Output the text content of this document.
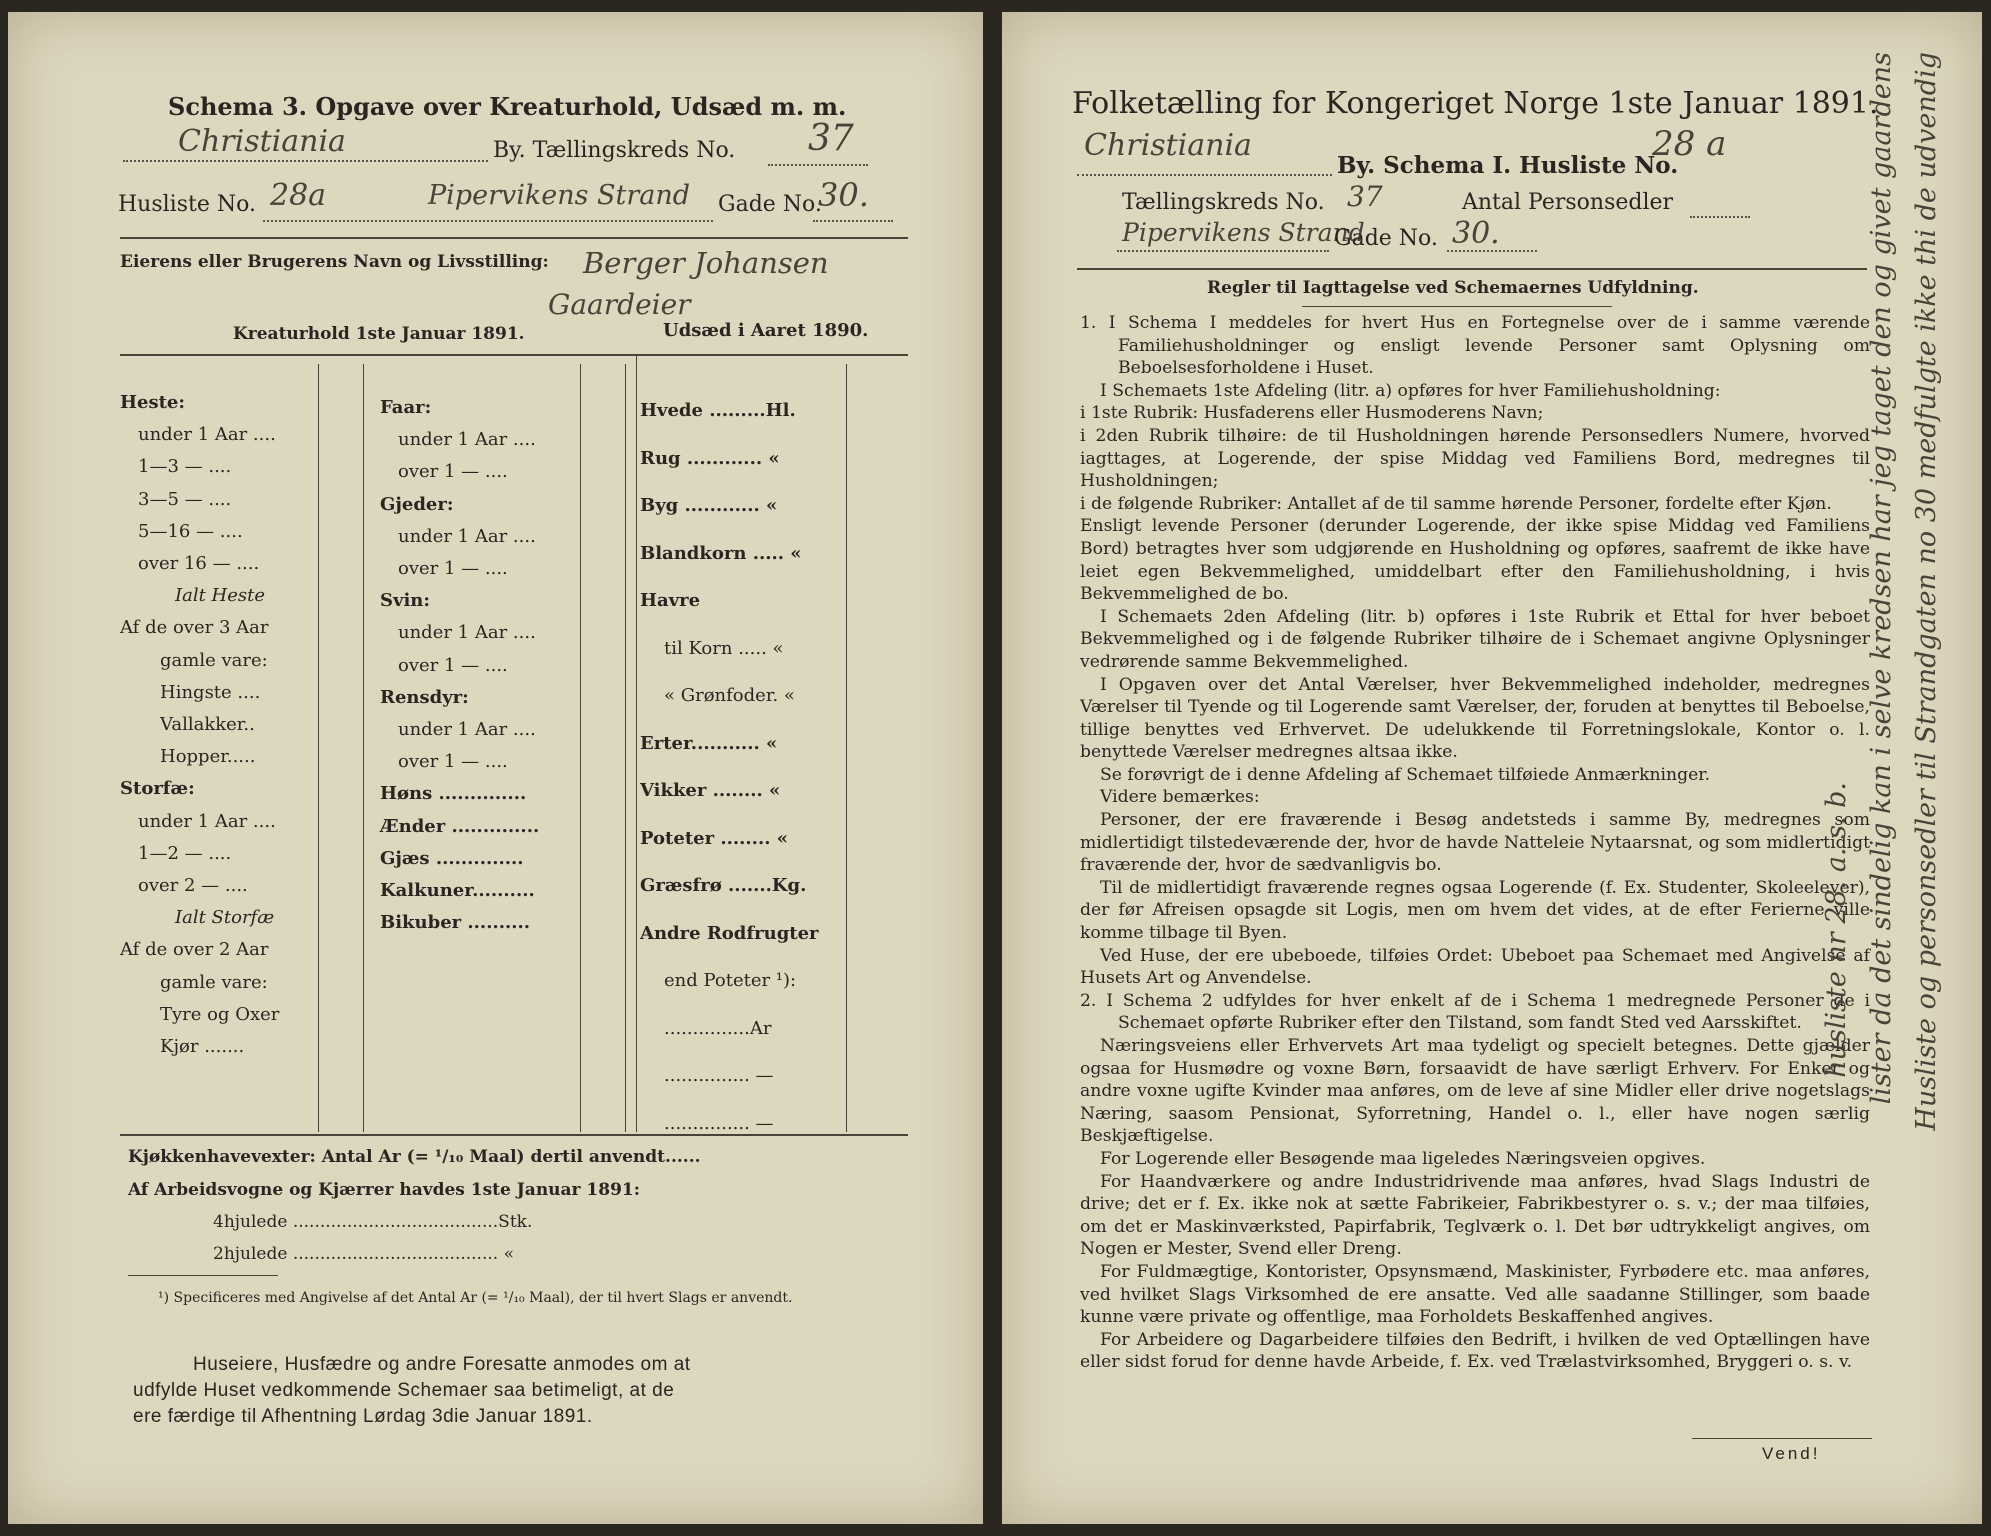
Schema 3. Opgave over Kreaturhold, Udsæd m. m.
Christiania	By. Tællingskreds No. 37
Husliste No. 28a	Pipervikens Strand Gade No.
30.
Eierens eller Brugerens Navn og Livsstilling: Berger Johansen
Gaardeier
Kreaturhold 1ste Januar 1891.	Udsæd i Aaret 1890.
Heste:
under 1 Aar ....
1—3 — ....
3—5 — ....
5—16 — ....
over 16 — ....
Ialt Heste
Af de over 3 Aar
gamle vare:
Hingste ....
Vallakker..
Hopper.....
Storfæ:
under 1 Aar ....
1—2 — ....
over 2 — ....
Ialt Storfæ
Af de over 2 Aar
gamle vare:
Tyre og Oxer
Kjør .......
Faar:
under 1 Aar ....
over 1 — ....
Gjeder:
under 1 Aar ....
over 1 — ....
Svin:
under 1 Aar ....
over 1 — ....
Rensdyr:
under 1 Aar ....
over 1 — ....
Høns ..............
Ænder ..............
Gjæs ..............
Kalkuner..........
Bikuber ..........
Hvede .........Hl.
Rug ............ «
Byg ............ «
Blandkorn ..... «
Havre
til Korn ..... «
« Grønfoder. «
Erter........... «
Vikker ........ «
Poteter ........ «
Græsfrø .......Kg.
Andre Rodfrugter
end Poteter ¹):
...............Ar
............... —
............... —
Kjøkkenhavevexter: Antal Ar (= ¹/₁₀ Maal) dertil anvendt......
Af Arbeidsvogne og Kjærrer havdes 1ste Januar 1891:
4hjulede ......................................Stk.
2hjulede ...................................... «
¹) Specificeres med Angivelse af det Antal Ar (= ¹/₁₀ Maal), der til hvert Slags er anvendt.
Huseiere, Husfædre og andre Foresatte anmodes om at
udfylde Huset vedkommende Schemaer saa betimeligt, at de
ere færdige til Afhentning Lørdag 3die Januar 1891.
Folketælling for Kongeriget Norge 1ste Januar 1891.
Christiania
By. Schema I. Husliste No.
28 a
Tællingskreds No. 37	Antal Personsedler
Pipervikens Strand
Gade No. 30.
Regler til Iagttagelse ved Schemaernes Udfyldning.

1. I Schema I meddeles for hvert Hus en Fortegnelse over de i samme værende Familiehusholdninger og ensligt levende Personer samt Oplysning om Beboelsesforholdene i Huset.

I Schemaets 1ste Afdeling (litr. a) opføres for hver Familiehusholdning:

i 1ste Rubrik: Husfaderens eller Husmoderens Navn;

i 2den Rubrik tilhøire: de til Husholdningen hørende Personsedlers Numere, hvorved iagttages, at Logerende, der spise Middag ved Familiens Bord, medregnes til Husholdningen;

i de følgende Rubriker: Antallet af de til samme hørende Personer, fordelte efter Kjøn.

Ensligt levende Personer (derunder Logerende, der ikke spise Middag ved Familiens Bord) betragtes hver som udgjørende en Husholdning og opføres, saafremt de ikke have leiet egen Bekvemmelighed, umiddelbart efter den Familiehusholdning, i hvis Bekvemmelighed de bo.

I Schemaets 2den Afdeling (litr. b) opføres i 1ste Rubrik et Ettal for hver beboet Bekvemmelighed og i de følgende Rubriker tilhøire de i Schemaet angivne Oplysninger vedrørende samme Bekvemmelighed.

I Opgaven over det Antal Værelser, hver Bekvemmelighed indeholder, medregnes Værelser til Tyende og til Logerende samt Værelser, der, foruden at benyttes til Beboelse, tillige benyttes ved Erhvervet. De udelukkende til Forretningslokale, Kontor o. l. benyttede Værelser medregnes altsaa ikke.

Se forøvrigt de i denne Afdeling af Schemaet tilføiede Anmærkninger.

Videre bemærkes:

Personer, der ere fraværende i Besøg andetsteds i samme By, medregnes som midlertidigt tilstedeværende der, hvor de havde Natteleie Nytaarsnat, og som midlertidigt fraværende der, hvor de sædvanligvis bo.

Til de midlertidigt fraværende regnes ogsaa Logerende (f. Ex. Studenter, Skoleelever), der før Afreisen opsagde sit Logis, men om hvem det vides, at de efter Ferierne ville komme tilbage til Byen.

Ved Huse, der ere ubeboede, tilføies Ordet: Ubeboet paa Schemaet med Angivelse af Husets Art og Anvendelse.

2. I Schema 2 udfyldes for hver enkelt af de i Schema 1 medregnede Personer de i Schemaet opførte Rubriker efter den Tilstand, som fandt Sted ved Aarsskiftet.

Næringsveiens eller Erhvervets Art maa tydeligt og specielt betegnes. Dette gjælder ogsaa for Husmødre og voxne Børn, forsaavidt de have særligt Erhverv. For Enker og andre voxne ugifte Kvinder maa anføres, om de leve af sine Midler eller drive nogetslags Næring, saasom Pensionat, Syforretning, Handel o. l., eller have nogen særlig Beskjæftigelse.

For Logerende eller Besøgende maa ligeledes Næringsveien opgives.

For Haandværkere og andre Industridrivende maa anføres, hvad Slags Industri de drive; det er f. Ex. ikke nok at sætte Fabrikeier, Fabrikbestyrer o. s. v.; der maa tilføies, om det er Maskinværksted, Papirfabrik, Teglværk o. l. Det bør udtrykkeligt angives, om Nogen er Mester, Svend eller Dreng.

For Fuldmægtige, Kontorister, Opsynsmænd, Maskinister, Fyrbødere etc. maa anføres, ved hvilket Slags Virksomhed de ere ansatte. Ved alle saadanne Stillinger, som baade kunne være private og offentlige, maa Forholdets Beskaffenhed angives.

For Arbeidere og Dagarbeidere tilføies den Bedrift, i hvilken de ved Optællingen have eller sidst forud for denne havde Arbeide, f. Ex. ved Trælastvirksomhed, Bryggeri o. s. v.

Vend!
Husliste og personsedler til Strandgaten no 30 medfulgte ikke thi de udvendig
lister da det sindelig kan i selve kredsen har jeg taget den og givet gaardens
husliste nr 28. a. s. b.
